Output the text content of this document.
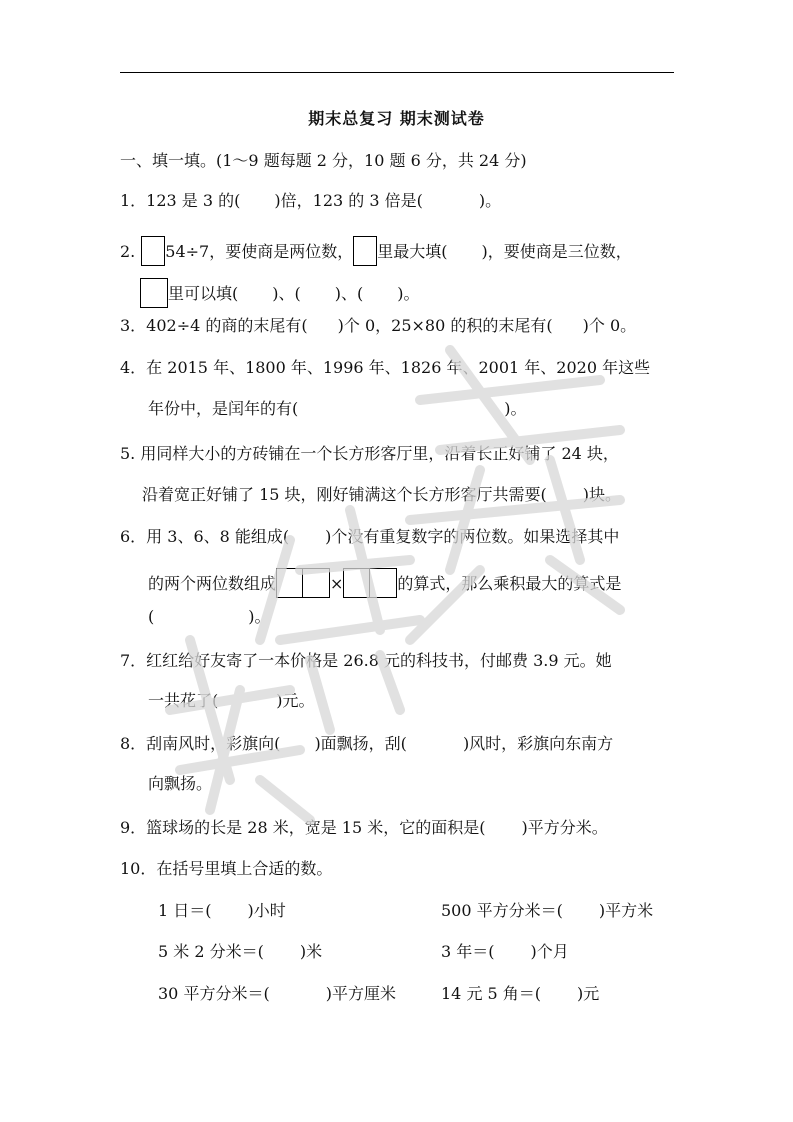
期末总复习 期末测试卷
一、填一填。(1～9 题每题 2 分，10 题 6 分，共 24 分)
1．123 是 3 的( )倍，123 的 3 倍是(	)。
2. 54÷7，要使商是两位数， 里最大填( )，要使商是三位数，
里可以填( )、( )、( )。
3．402÷4 的商的末尾有( )个 0，25×80 的积的末尾有( )个 0。
4．在 2015 年、1800 年、1996 年、1826 年、2001 年、2020 年这些
年份中，是闰年的有(	)。
5. 用同样大小的方砖铺在一个长方形客厅里，沿着长正好铺了 24 块，
沿着宽正好铺了 15 块，刚好铺满这个长方形客厅共需要( )块。
6．用 3、6、8 能组成( )个没有重复数字的两位数。如果选择其中
的两个两位数组成	×	的算式，那么乘积最大的算式是
(	)。
7．红红给好友寄了一本价格是 26.8 元的科技书，付邮费 3.9 元。她
一共花了(	)元。
8．刮南风时，彩旗向( )面飘扬，刮(	)风时，彩旗向东南方
向飘扬。
9．篮球场的长是 28 米，宽是 15 米，它的面积是( )平方分米。
10．在括号里填上合适的数。
1 日＝( )小时	500 平方分米＝( )平方米
5 米 2 分米＝( )米	3 年＝( )个月
30 平方分米＝(	)平方厘米	14 元 5 角＝( )元
